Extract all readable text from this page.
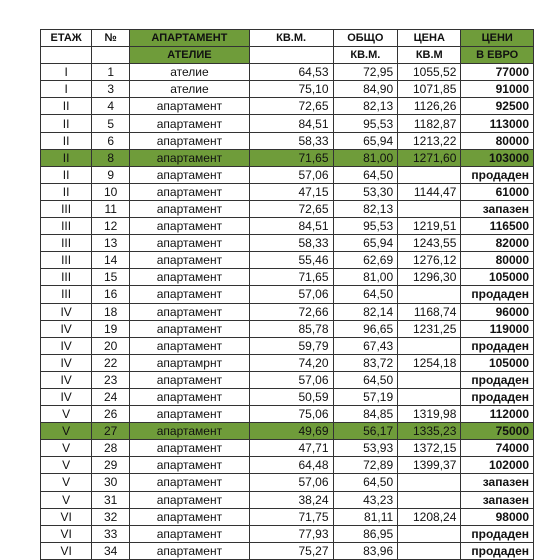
ЕТАЖ	№	АПАРТАМЕНТ	КВ.М.	ОБЩО	ЦЕНА	ЦЕНИ
		АТЕЛИЕ		КВ.М.	КВ.М	В ЕВРО
I	1	ателие	64,53	72,95	1055,52	77000
I	3	ателие	75,10	84,90	1071,85	91000
II	4	апартамент	72,65	82,13	1126,26	92500
II	5	апартамент	84,51	95,53	1182,87	113000
II	6	апартамент	58,33	65,94	1213,22	80000
II	8	апартамент	71,65	81,00	1271,60	103000
II	9	апартамент	57,06	64,50		продаден
II	10	апартамент	47,15	53,30	1144,47	61000
III	11	апартамент	72,65	82,13		запазен
III	12	апартамент	84,51	95,53	1219,51	116500
III	13	апартамент	58,33	65,94	1243,55	82000
III	14	апартамент	55,46	62,69	1276,12	80000
III	15	апартамент	71,65	81,00	1296,30	105000
III	16	апартамент	57,06	64,50		продаден
IV	18	апартамент	72,66	82,14	1168,74	96000
IV	19	апартамент	85,78	96,65	1231,25	119000
IV	20	апартамент	59,79	67,43		продаден
IV	22	апартамрнт	74,20	83,72	1254,18	105000
IV	23	апартамент	57,06	64,50		продаден
IV	24	апартамент	50,59	57,19		продаден
V	26	апартамент	75,06	84,85	1319,98	112000
V	27	апартамент	49,69	56,17	1335,23	75000
V	28	апартамент	47,71	53,93	1372,15	74000
V	29	апартамент	64,48	72,89	1399,37	102000
V	30	апартамент	57,06	64,50		запазен
V	31	апартамент	38,24	43,23		запазен
VI	32	апартамент	71,75	81,11	1208,24	98000
VI	33	апартамент	77,93	86,95		продаден
VI	34	апартамент	75,27	83,96		продаден
